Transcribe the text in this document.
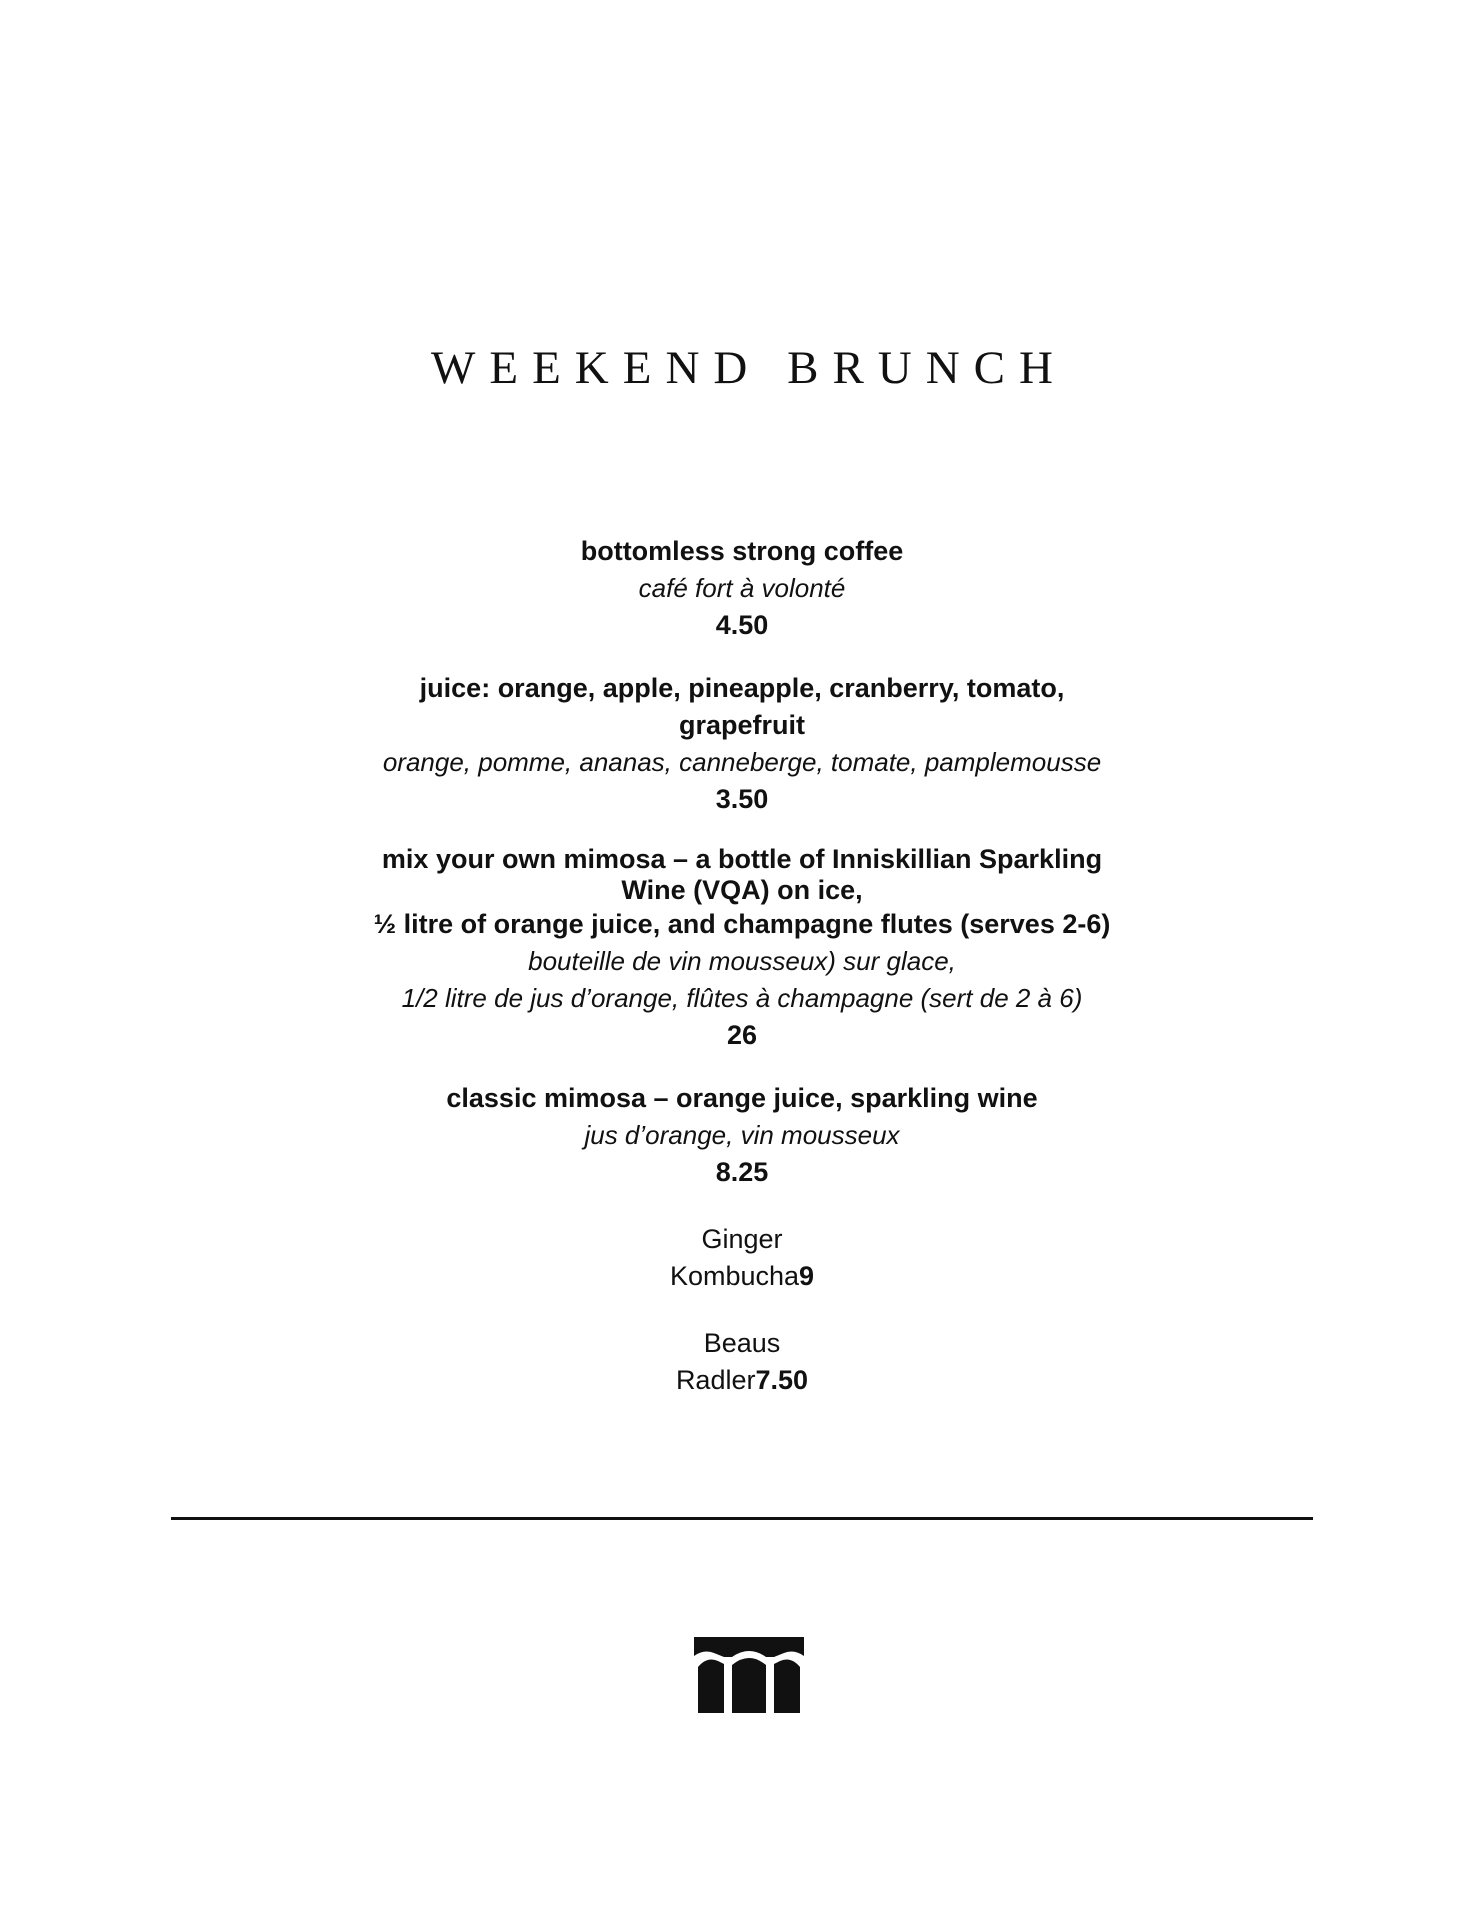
WEEKEND BRUNCH
bottomless strong coffee
café fort à volonté
4.50
juice: orange, apple, pineapple, cranberry, tomato,
grapefruit
orange, pomme, ananas, canneberge, tomate, pamplemousse
3.50
mix your own mimosa – a bottle of Inniskillian Sparkling
Wine (VQA) on ice,
½ litre of orange juice, and champagne flutes (serves 2-6)
bouteille de vin mousseux) sur glace,
1/2 litre de jus d’orange, flûtes à champagne (sert de 2 à 6)
26
classic mimosa – orange juice, sparkling wine
jus d’orange, vin mousseux
8.25
Ginger
Kombucha9
Beaus
Radler7.50
